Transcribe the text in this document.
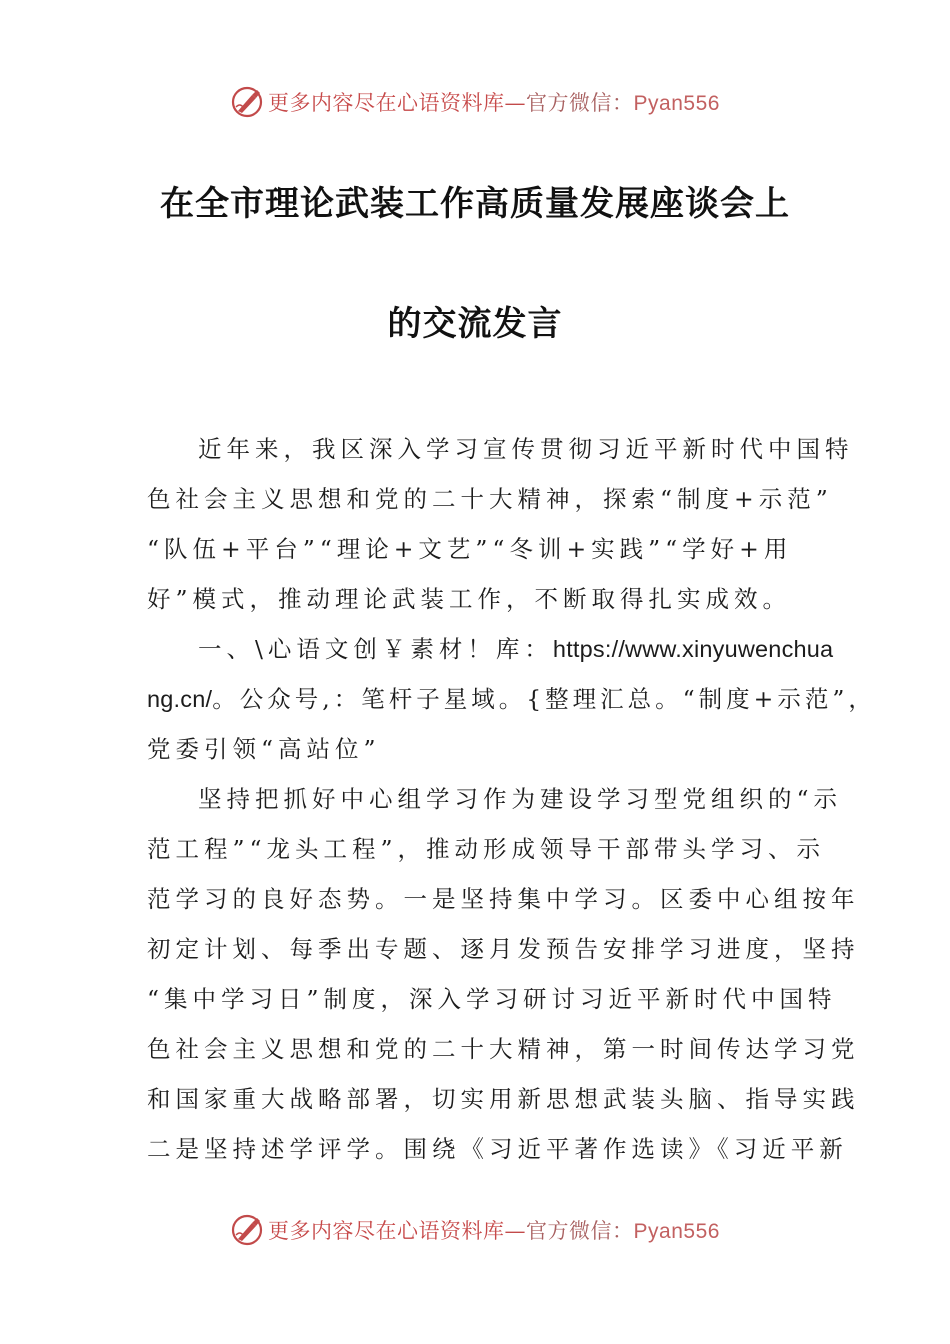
更多内容尽在心语资料库—官方微信：Pyan556
在全市理论武装工作高质量发展座谈会上
的交流发言
近年来，我区深入学习宣传贯彻习近平新时代中国特
色社会主义思想和党的二十大精神，探索“制度+示范”
“队伍+平台”“理论+文艺”“冬训+实践”“学好+用
好”模式，推动理论武装工作，不断取得扎实成效。
一、\心语文创￥素材！库：https://www.xinyuwenchua
ng.cn/。公众号,：笔杆子星域。{整理汇总。“制度+示范”，
党委引领“高站位”
坚持把抓好中心组学习作为建设学习型党组织的“示
范工程”“龙头工程”，推动形成领导干部带头学习、示
范学习的良好态势。一是坚持集中学习。区委中心组按年
初定计划、每季出专题、逐月发预告安排学习进度，坚持
“集中学习日”制度，深入学习研讨习近平新时代中国特
色社会主义思想和党的二十大精神，第一时间传达学习党
和国家重大战略部署，切实用新思想武装头脑、指导实践
二是坚持述学评学。围绕《习近平著作选读》《习近平新
更多内容尽在心语资料库—官方微信：Pyan556
